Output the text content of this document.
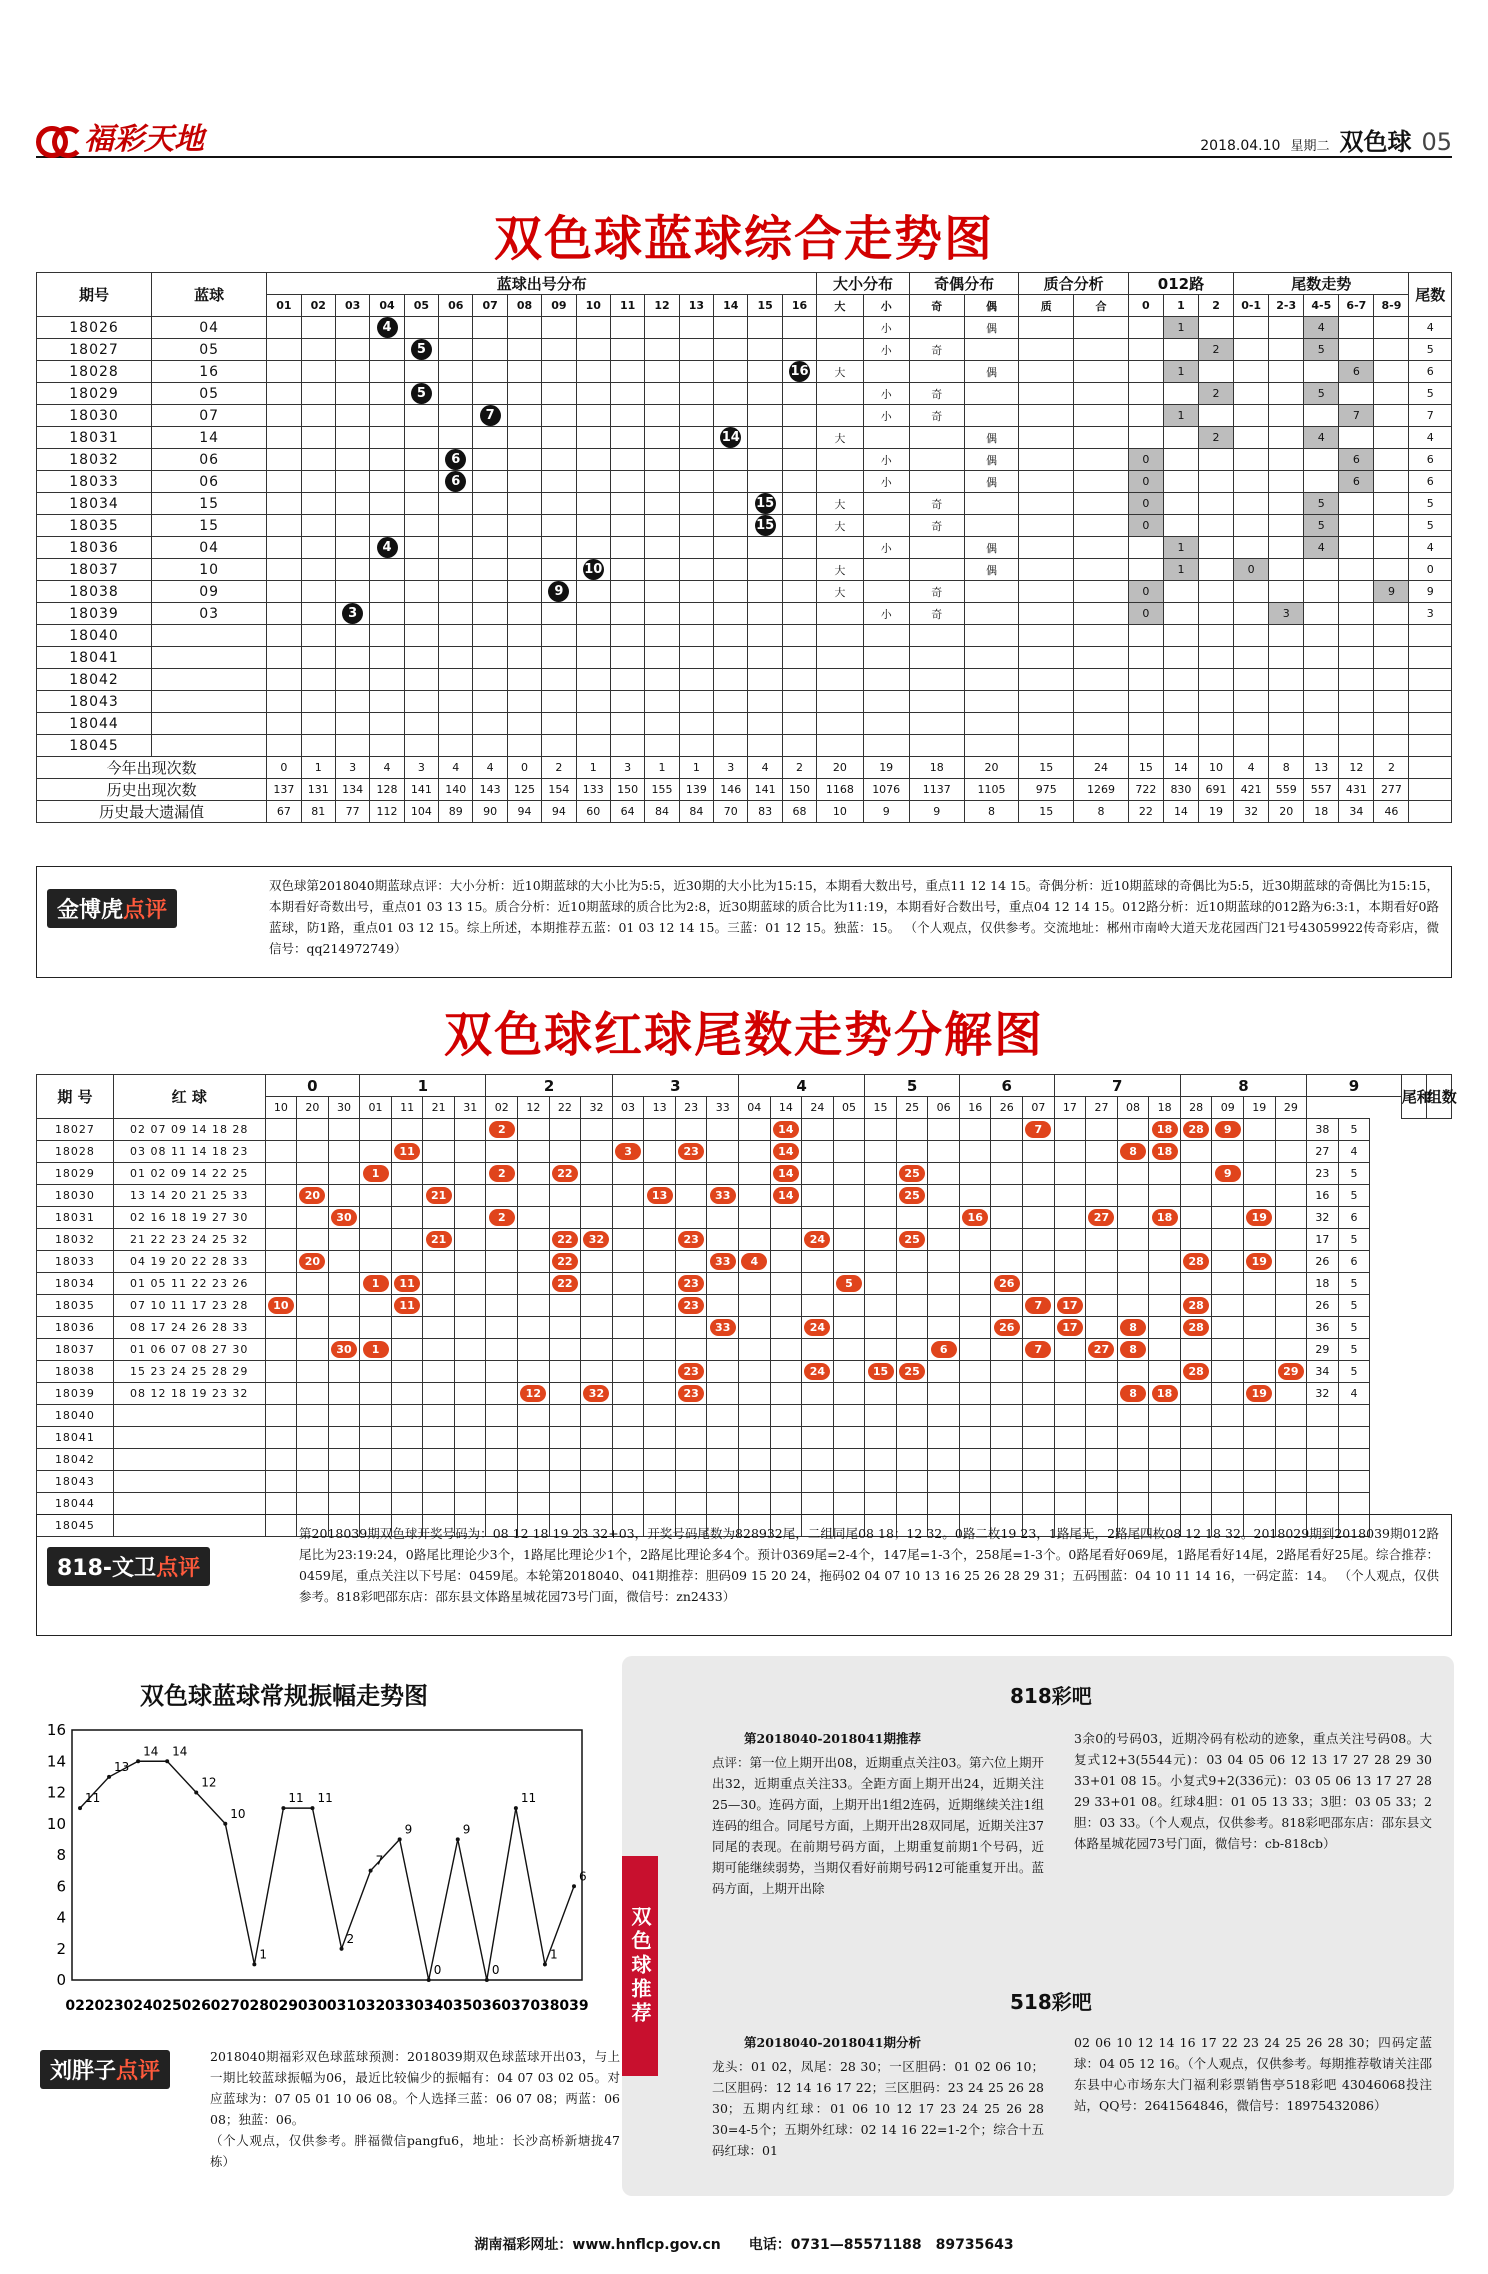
福彩天地	2018.04.10 星期二 双色球 05
双色球蓝球综合走势图
期号	蓝球	蓝球出号分布																大小分布		奇偶分布		质合分析		012路			尾数走势					尾数
		01	02	03	04	05	06	07	08	09	10	11	12	13	14	15	16	大	小	奇	偶	质	合	0	1	2	0-1	2-3	4-5	6-7	8-9	
18026	04				4														小		偶				1				4			4
18027	05					5													小	奇						2			5			5
18028	16																16	大			偶				1					6		6
18029	05					5													小	奇						2			5			5
18030	07							7											小	奇					1					7		7
18031	14														14			大			偶					2			4			4
18032	06						6												小		偶			0						6		6
18033	06						6												小		偶			0						6		6
18034	15															15		大		奇				0					5			5
18035	15															15		大		奇				0					5			5
18036	04				4														小		偶				1				4			4
18037	10										10							大			偶				1		0					0
18038	09									9								大		奇				0							9	9
18039	03			3															小	奇				0				3				3
18040																																
18041																																
18042																																
18043																																
18044																																
18045																																
今年出现次数		0	1	3	4	3	4	4	0	2	1	3	1	1	3	4	2	20	19	18	20	15	24	15	14	10	4	8	13	12	2	
历史出现次数		137	131	134	128	141	140	143	125	154	133	150	155	139	146	141	150	1168	1076	1137	1105	975	1269	722	830	691	421	559	557	431	277	
历史最大遗漏值		67	81	77	112	104	89	90	94	94	60	64	84	84	70	83	68	10	9	9	8	15	8	22	14	19	32	20	18	34	46	
金博虎点评
双色球第2018040期蓝球点评：大小分析：近10期蓝球的大小比为5:5，近30期的大小比为15:15，本期看大数出号，重点11 12 14 15。奇偶分析：近10期蓝球的奇偶比为5:5，近30期蓝球的奇偶比为15:15，本期看好奇数出号，重点01 03 13 15。质合分析：近10期蓝球的质合比为2:8，近30期蓝球的质合比为11:19，本期看好合数出号，重点04 12 14 15。012路分析：近10期蓝球的012路为6:3:1，本期看好0路蓝球，防1路，重点01 03 12 15。综上所述，本期推荐五蓝：01 03 12 14 15。三蓝：01 12 15。独蓝：15。 （个人观点，仅供参考。交流地址：郴州市南岭大道天龙花园西门21号43059922传奇彩店，微信号：qq214972749）
双色球红球尾数走势分解图
期 号	红 球	0			1				2				3				4				5			6			7				8				9		尾和	组数
		10	20	30	01	11	21	31	02	12	22	32	03	13	23	33	04	14	24	05	15	25	06	16	26	07	17	27	08	18	28	09	19	29				
18027	02 07 09 14 18 28								2									14								7				18	28	9			38	5		
18028	03 08 11 14 18 23					11							3		23			14											8	18					27	4		
18029	01 02 09 14 22 25				1				2		22							14				25										9			23	5		
18030	13 14 20 21 25 33		20				21							13		33		14				25													16	5		
18031	02 16 18 19 27 30			30					2															16				27		18			19		32	6		
18032	21 22 23 24 25 32						21				22	32			23				24			25													17	5		
18033	04 19 20 22 28 33		20								22					33	4														28		19		26	6		
18034	01 05 11 22 23 26				1	11					22				23					5					26										18	5		
18035	07 10 11 17 23 28	10				11									23											7	17				28				26	5		
18036	08 17 24 26 28 33															33			24						26		17		8		28				36	5		
18037	01 06 07 08 27 30			30	1																		6			7		27	8						29	5		
18038	15 23 24 25 28 29														23				24		15	25									28			29	34	5		
18039	08 12 18 19 23 32									12		32			23														8	18			19		32	4		
18040																																						
18041																																						
18042																																						
18043																																						
18044																																						
18045																																						
818-文卫点评
第2018039期双色球开奖号码为：08 12 18 19 23 32+03，开奖号码尾数为828932尾，二组同尾08 18；12 32。0路二枚19 23，1路尾无，2路尾四枚08 12 18 32。2018029期到2018039期012路尾比为23:19:24，0路尾比理论少3个，1路尾比理论少1个，2路尾比理论多4个。预计0369尾=2-4个，147尾=1-3个，258尾=1-3个。0路尾看好069尾，1路尾看好14尾，2路尾看好25尾。综合推荐：0459尾，重点关注以下号尾：0459尾。本轮第2018040、041期推荐：胆码09 15 20 24，拖码02 04 07 10 13 16 25 26 28 29 31；五码围蓝：04 10 11 14 16，一码定蓝：14。 （个人观点，仅供参考。818彩吧邵东店：邵东县文体路星城花园73号门面，微信号：zn2433）
双色球蓝球常规振幅走势图
0
2
4
6
8
10
12
14
16
022 023 024 025 026 027 028 029 030 031 032 033 034 035 036 037 038 039
11
13
14 14
12
10
1
11 11
2
7
9
0
9
0
11
1
6
刘胖子点评
2018040期福彩双色球蓝球预测：2018039期双色球蓝球开出03，与上一期比较蓝球振幅为06，最近比较偏少的振幅有：04 07 03 02 05。对应蓝球为：07 05 01 10 06 08。个人选择三蓝：06 07 08；两蓝：06 08；独蓝：06。
（个人观点，仅供参考。胖福微信pangfu6，地址：长沙高桥新塘拢47栋）
双色球推荐
818彩吧
第2018040-2018041期推荐
点评：第一位上期开出08，近期重点关注03。第六位上期开出32，近期重点关注33。全距方面上期开出24，近期关注25—30。连码方面，上期开出1组2连码，近期继续关注1组连码的组合。同尾号方面，上期开出28双同尾，近期关注37同尾的表现。在前期号码方面，上期重复前期1个号码，近期可能继续弱势，当期仅看好前期号码12可能重复开出。蓝码方面，上期开出除
3余0的号码03，近期冷码有松动的迹象，重点关注号码08。大复式12+3(5544元)：03 04 05 06 12 13 17 27 28 29 30 33+01 08 15。小复式9+2(336元)：03 05 06 13 17 27 28 29 33+01 08。红球4胆：01 05 13 33；3胆：03 05 33；2胆：03 33。（个人观点，仅供参考。818彩吧邵东店：邵东县文体路星城花园73号门面，微信号：cb-818cb）
518彩吧
第2018040-2018041期分析
龙头：01 02，凤尾：28 30；一区胆码：01 02 06 10；二区胆码：12 14 16 17 22；三区胆码：23 24 25 26 28 30；五期内红球：01 06 10 12 17 23 24 25 26 28 30=4-5个；五期外红球：02 14 16 22=1-2个；综合十五码红球：01
02 06 10 12 14 16 17 22 23 24 25 26 28 30；四码定蓝球：04 05 12 16。（个人观点，仅供参考。每期推荐敬请关注邵东县中心市场东大门福利彩票销售亭518彩吧 43046068投注站，QQ号：2641564846，微信号：18975432086）
湖南福彩网址：www.hnflcp.gov.cn　　电话：0731—85571188　89735643
